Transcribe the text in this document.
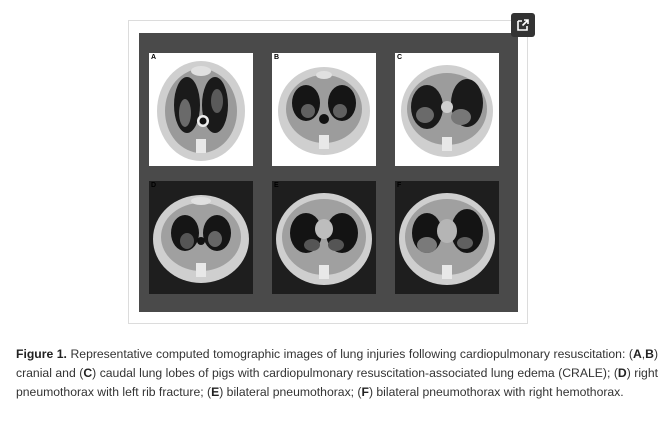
A	B	C
D	E	F

Figure 1. Representative computed tomographic images of lung injuries following cardiopulmonary resuscitation: (A,B) cranial and (C) caudal lung lobes of pigs with cardiopulmonary resuscitation-associated lung edema (CRALE); (D) right pneumothorax with left rib fracture; (E) bilateral pneumothorax; (F) bilateral pneumothorax with right hemothorax.
